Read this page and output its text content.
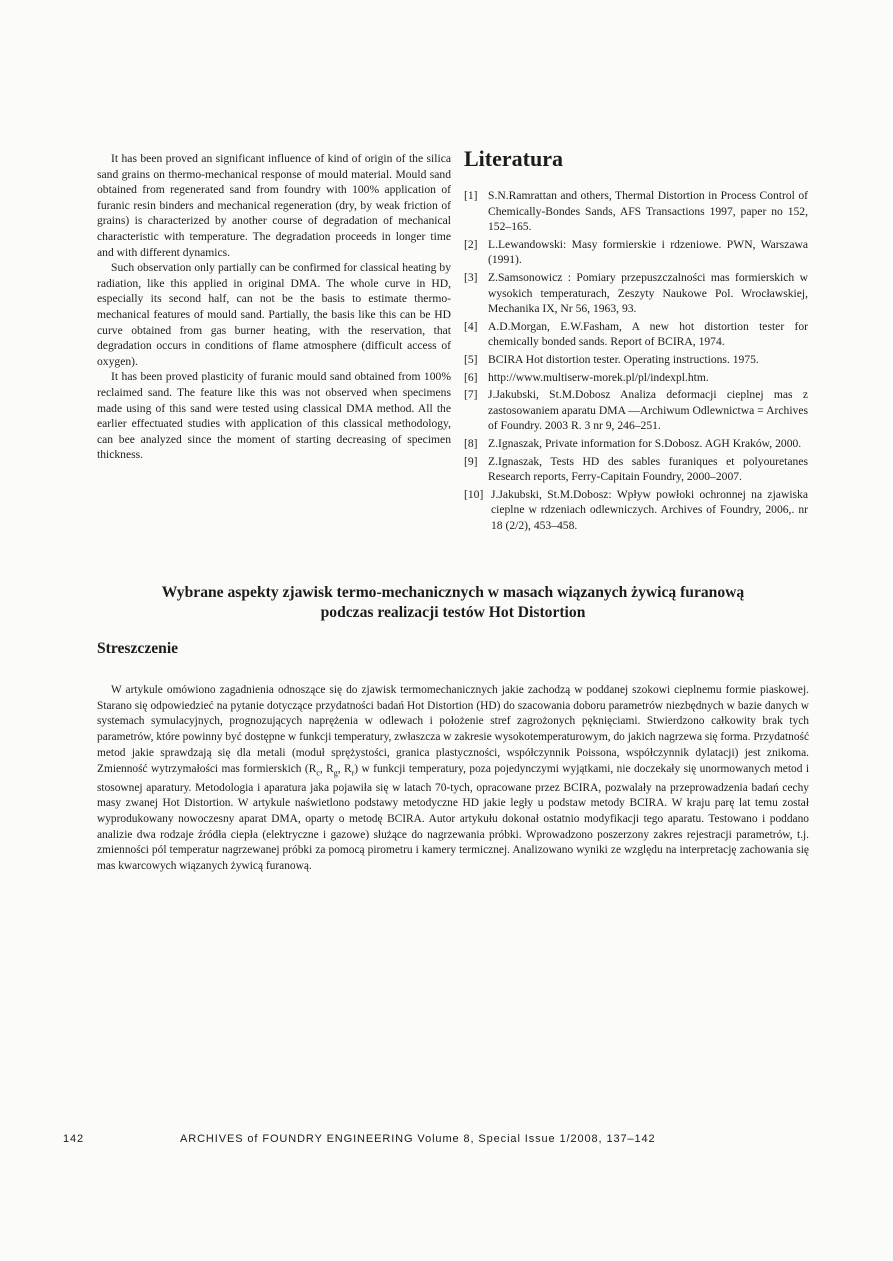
It has been proved an significant influence of kind of origin of the silica sand grains on thermo-mechanical response of mould material. Mould sand obtained from regenerated sand from foundry with 100% application of furanic resin binders and mechanical regeneration (dry, by weak friction of grains) is characterized by another course of degradation of mechanical characteristic with temperature. The degradation proceeds in longer time and with different dynamics.

Such observation only partially can be confirmed for classical heating by radiation, like this applied in original DMA. The whole curve in HD, especially its second half, can not be the basis to estimate thermo-mechanical features of mould sand. Partially, the basis like this can be HD curve obtained from gas burner heating, with the reservation, that degradation occurs in conditions of flame atmosphere (difficult access of oxygen).

It has been proved plasticity of furanic mould sand obtained from 100% reclaimed sand. The feature like this was not observed when specimens made using of this sand were tested using classical DMA method. All the earlier effectuated studies with application of this classical methodology, can bee analyzed since the moment of starting decreasing of specimen thickness.

Literatura
[1] S.N.Ramrattan and others, Thermal Distortion in Process Control of Chemically-Bondes Sands, AFS Transactions 1997, paper no 152, 152–165.
[2] L.Lewandowski: Masy formierskie i rdzeniowe. PWN, Warszawa (1991).
[3] Z.Samsonowicz : Pomiary przepuszczalności mas formierskich w wysokich temperaturach, Zeszyty Naukowe Pol. Wrocławskiej, Mechanika IX, Nr 56, 1963, 93.
[4] A.D.Morgan, E.W.Fasham, A new hot distortion tester for chemically bonded sands. Report of BCIRA, 1974.
[5] BCIRA Hot distortion tester. Operating instructions. 1975.
[6] http://www.multiserw-morek.pl/pl/indexpl.htm.
[7] J.Jakubski, St.M.Dobosz Analiza deformacji cieplnej mas z zastosowaniem aparatu DMA —Archiwum Odlewnictwa = Archives of Foundry. 2003 R. 3 nr 9, 246–251.
[8] Z.Ignaszak, Private information for S.Dobosz. AGH Kraków, 2000.
[9] Z.Ignaszak, Tests HD des sables furaniques et polyouretanes Research reports, Ferry-Capitain Foundry, 2000–2007.
[10] J.Jakubski, St.M.Dobosz: Wpływ powłoki ochronnej na zjawiska cieplne w rdzeniach odlewniczych. Archives of Foundry, 2006,. nr 18 (2/2), 453–458.
Wybrane aspekty zjawisk termo-mechanicznych w masach wiązanych żywicą furanową
podczas realizacji testów Hot Distortion
Streszczenie

W artykule omówiono zagadnienia odnoszące się do zjawisk termomechanicznych jakie zachodzą w poddanej szokowi cieplnemu formie piaskowej. Starano się odpowiedzieć na pytanie dotyczące przydatności badań Hot Distortion (HD) do szacowania doboru parametrów niezbędnych w bazie danych w systemach symulacyjnych, prognozujących naprężenia w odlewach i położenie stref zagrożonych pęknięciami. Stwierdzono całkowity brak tych parametrów, które powinny być dostępne w funkcji temperatury, zwłaszcza w zakresie wysokotemperaturowym, do jakich nagrzewa się forma. Przydatność metod jakie sprawdzają się dla metali (moduł sprężystości, granica plastyczności, współczynnik Poissona, współczynnik dylatacji) jest znikoma. Zmienność wytrzymałości mas formierskich ($R_c$, $R_g$, $R_r$) w funkcji temperatury, poza pojedynczymi wyjątkami, nie doczekały się unormowanych metod i stosownej aparatury. Metodologia i aparatura jaka pojawiła się w latach 70-tych, opracowane przez BCIRA, pozwalały na przeprowadzenia badań cechy masy zwanej Hot Distortion. W artykule naświetlono podstawy metodyczne HD jakie legły u podstaw metody BCIRA. W kraju parę lat temu został wyprodukowany nowoczesny aparat DMA, oparty o metodę BCIRA. Autor artykułu dokonał ostatnio modyfikacji tego aparatu. Testowano i poddano analizie dwa rodzaje źródła ciepła (elektryczne i gazowe) służące do nagrzewania próbki. Wprowadzono poszerzony zakres rejestracji parametrów, t.j. zmienności pól temperatur nagrzewanej próbki za pomocą pirometru i kamery termicznej. Analizowano wyniki ze względu na interpretację zachowania się mas kwarcowych wiązanych żywicą furanową.

142	ARCHIVES of FOUNDRY ENGINEERING Volume 8, Special Issue 1/2008, 137–142
